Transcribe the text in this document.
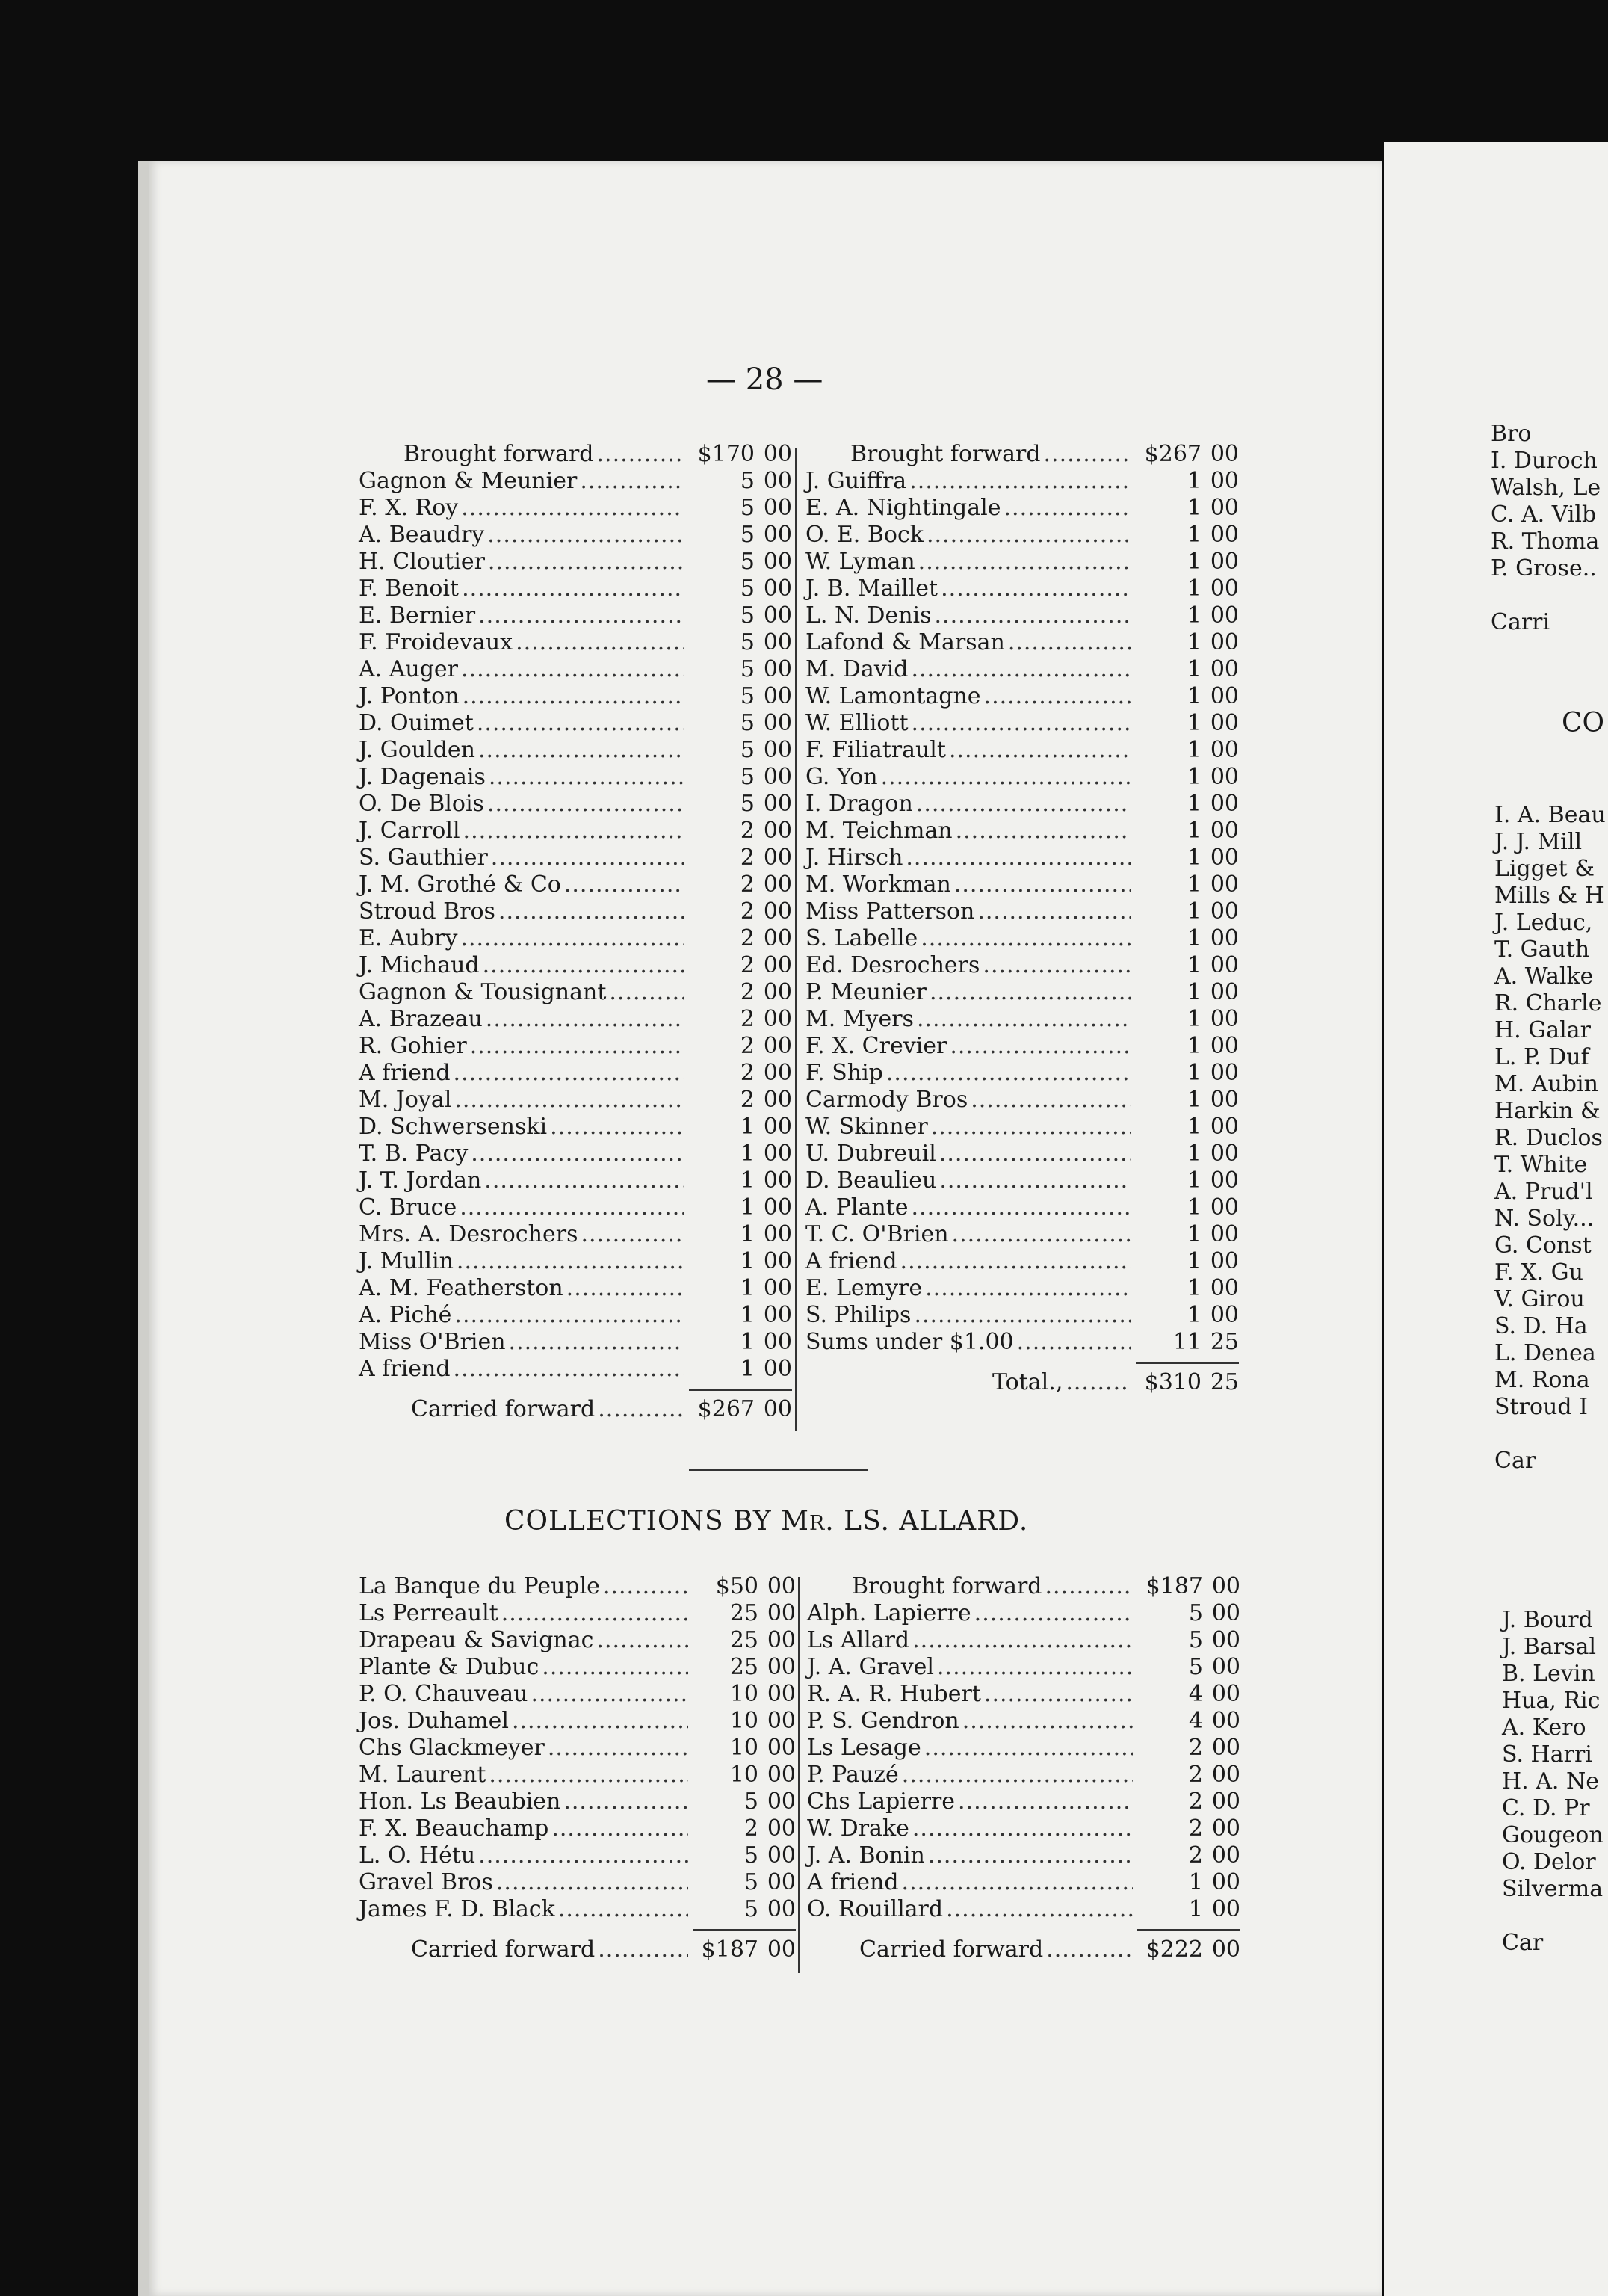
— 28 —
Brought forward .....	$170 00
Gagnon & Meunier .....	5 00
F. X. Roy .....	5 00
A. Beaudry .....	5 00
H. Cloutier .....	5 00
F. Benoit .....	5 00
E. Bernier .....	5 00
F. Froidevaux .....	5 00
A. Auger .....	5 00
J. Ponton .....	5 00
D. Ouimet .....	5 00
J. Goulden .....	5 00
J. Dagenais .....	5 00
O. De Blois .....	5 00
J. Carroll .....	2 00
S. Gauthier .....	2 00
J. M. Grothé & Co .....	2 00
Stroud Bros .....	2 00
E. Aubry .....	2 00
J. Michaud .....	2 00
Gagnon & Tousignant .....	2 00
A. Brazeau .....	2 00
R. Gohier .....	2 00
A friend .....	2 00
M. Joyal .....	2 00
D. Schwersenski .....	1 00
T. B. Pacy .....	1 00
J. T. Jordan .....	1 00
C. Bruce .....	1 00
Mrs. A. Desrochers .....	1 00
J. Mullin .....	1 00
A. M. Featherston .....	1 00
A. Piché .....	1 00
Miss O'Brien .....	1 00
A friend .....	1 00
Carried forward .....	$267 00
Brought forward .....	$267 00
J. Guiffra .....	1 00
E. A. Nightingale .....	1 00
O. E. Bock .....	1 00
W. Lyman .....	1 00
J. B. Maillet .....	1 00
L. N. Denis .....	1 00
Lafond & Marsan .....	1 00
M. David .....	1 00
W. Lamontagne .....	1 00
W. Elliott .....	1 00
F. Filiatrault .....	1 00
G. Yon .....	1 00
I. Dragon .....	1 00
M. Teichman .....	1 00
J. Hirsch .....	1 00
M. Workman .....	1 00
Miss Patterson .....	1 00
S. Labelle .....	1 00
Ed. Desrochers .....	1 00
P. Meunier .....	1 00
M. Myers .....	1 00
F. X. Crevier .....	1 00
F. Ship .....	1 00
Carmody Bros .....	1 00
W. Skinner .....	1 00
U. Dubreuil .....	1 00
D. Beaulieu .....	1 00
A. Plante .....	1 00
T. C. O'Brien .....	1 00
A friend .....	1 00
E. Lemyre .....	1 00
S. Philips .....	1 00
Sums under $1.00 .....	11 25
Total., .....	$310 25
COLLECTIONS BY MR. LS. ALLARD.
La Banque du Peuple .....	$50 00
Ls Perreault .....	25 00
Drapeau & Savignac .....	25 00
Plante & Dubuc .....	25 00
P. O. Chauveau .....	10 00
Jos. Duhamel .....	10 00
Chs Glackmeyer .....	10 00
M. Laurent .....	10 00
Hon. Ls Beaubien .....	5 00
F. X. Beauchamp .....	2 00
L. O. Hétu .....	5 00
Gravel Bros .....	5 00
James F. D. Black .....	5 00
Carried forward .....	$187 00
Brought forward .....	$187 00
Alph. Lapierre .....	5 00
Ls Allard .....	5 00
J. A. Gravel .....	5 00
R. A. R. Hubert .....	4 00
P. S. Gendron .....	4 00
Ls Lesage .....	2 00
P. Pauzé .....	2 00
Chs Lapierre .....	2 00
W. Drake .....	2 00
J. A. Bonin .....	2 00
A friend .....	1 00
O. Rouillard .....	1 00
Carried forward .....	$222 00
Bro
I. Duroch
Walsh, Le
C. A. Vilb
R. Thoma
P. Grose..
Carri
CO
I. A. Beau
J. J. Mill
Ligget &
Mills & H
J. Leduc,
T. Gauth
A. Walke
R. Charle
H. Galar
L. P. Duf
M. Aubin
Harkin &
R. Duclos
T. White
A. Prud'l
N. Soly...
G. Const
F. X. Gu
V. Girou
S. D. Ha
L. Denea
M. Rona
Stroud I
Car
J. Bourd
J. Barsal
B. Levin
Hua, Ric
A. Kero
S. Harri
H. A. Ne
C. D. Pr
Gougeon
O. Delor
Silverma
Car
